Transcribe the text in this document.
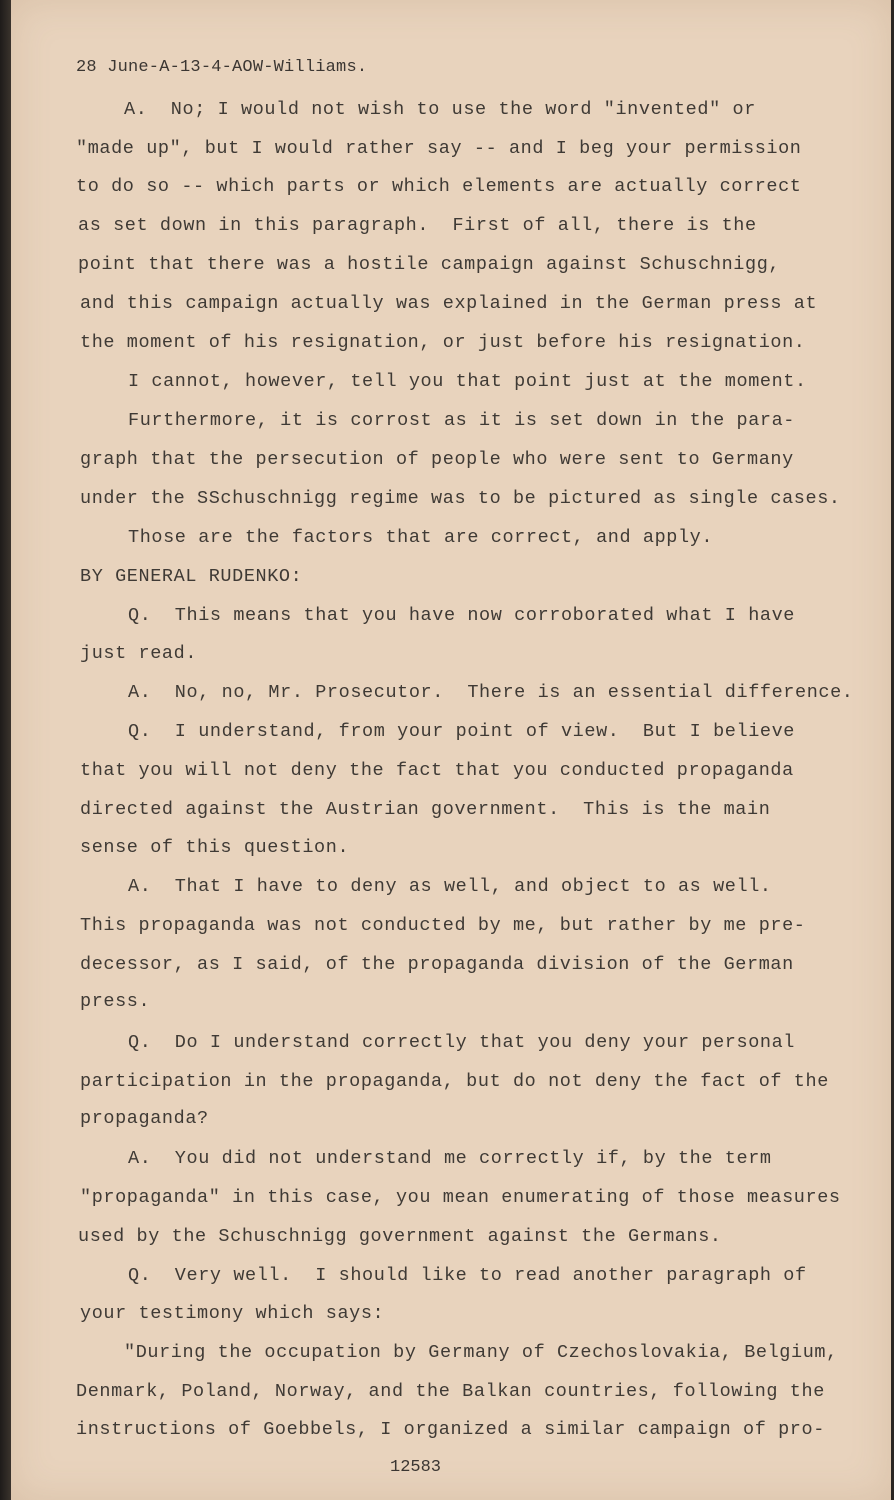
28 June-A-13-4-AOW-Williams.
A.  No; I would not wish to use the word "invented" or
"made up", but I would rather say -- and I beg your permission
to do so -- which parts or which elements are actually correct
as set down in this paragraph.  First of all, there is the
point that there was a hostile campaign against Schuschnigg,
and this campaign actually was explained in the German press at
the moment of his resignation, or just before his resignation.
I cannot, however, tell you that point just at the moment.
Furthermore, it is corrost as it is set down in the para-
graph that the persecution of people who were sent to Germany
under the SSchuschnigg regime was to be pictured as single cases.
Those are the factors that are correct, and apply.
BY GENERAL RUDENKO:
Q.  This means that you have now corroborated what I have
just read.
A.  No, no, Mr. Prosecutor.  There is an essential difference.
Q.  I understand, from your point of view.  But I believe
that you will not deny the fact that you conducted propaganda
directed against the Austrian government.  This is the main
sense of this question.
A.  That I have to deny as well, and object to as well.
This propaganda was not conducted by me, but rather by me pre-
decessor, as I said, of the propaganda division of the German
press.
Q.  Do I understand correctly that you deny your personal
participation in the propaganda, but do not deny the fact of the
propaganda?
A.  You did not understand me correctly if, by the term
"propaganda" in this case, you mean enumerating of those measures
used by the Schuschnigg government against the Germans.
Q.  Very well.  I should like to read another paragraph of
your testimony which says:
"During the occupation by Germany of Czechoslovakia, Belgium,
Denmark, Poland, Norway, and the Balkan countries, following the
instructions of Goebbels, I organized a similar campaign of pro-
12583
